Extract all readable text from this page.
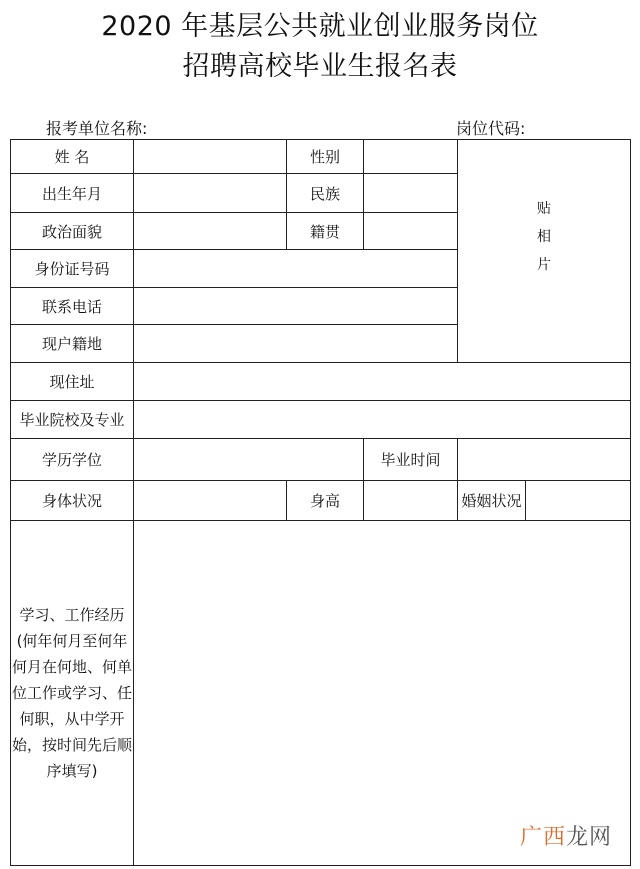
2020 年基层公共就业创业服务岗位
招聘高校毕业生报名表
报考单位名称:	岗位代码:
姓 名		性别		贴
相
片	

出生年月		民族			
政治面貌		籍贯			
身份证号码					
联系电话					
现户籍地					
现住址					
毕业院校及专业					
学历学位			毕业时间		
身体状况		身高		婚姻状况	
学习、工作经历(何年何月至何年何月在何地、何单位工作或学习、任何职，从中学开始，按时间先后顺序填写)					
广西龙网
